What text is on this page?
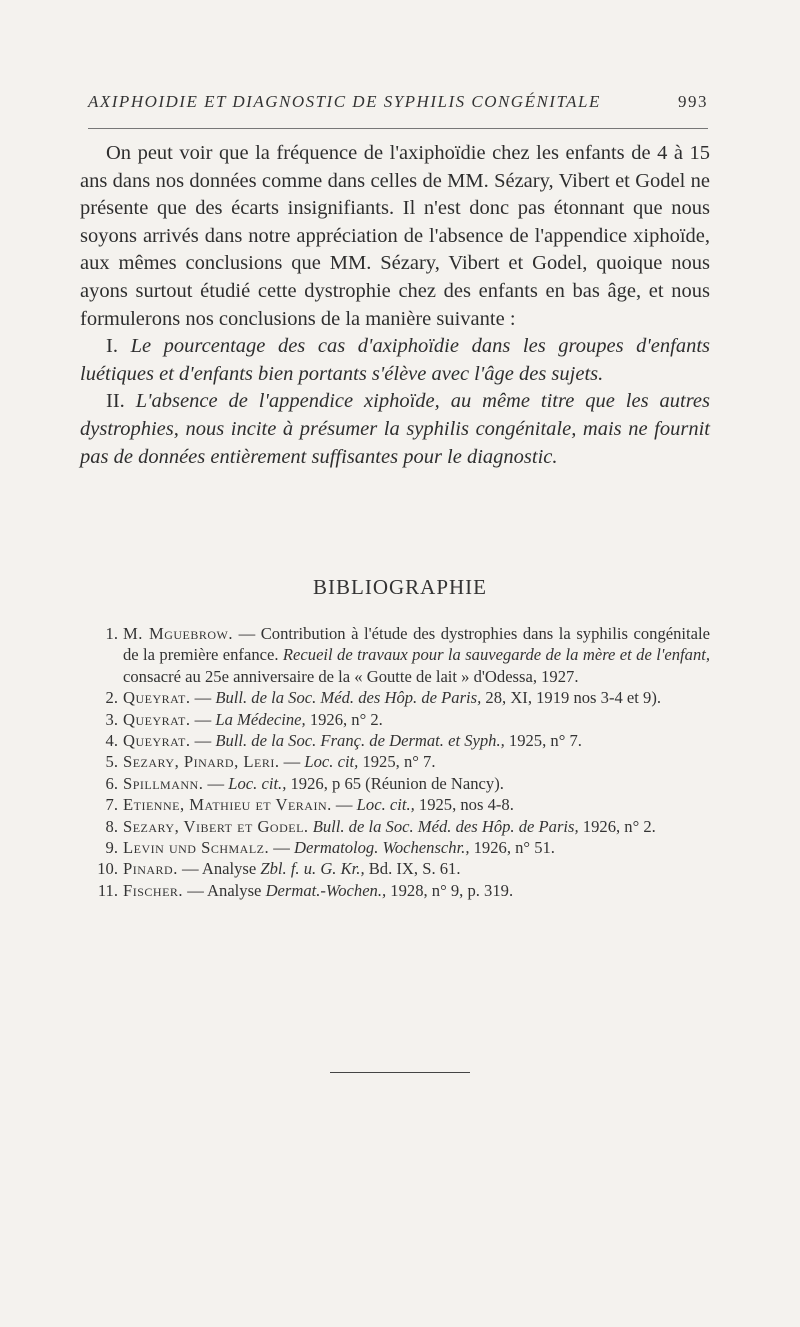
AXIPHOIDIE ET DIAGNOSTIC DE SYPHILIS CONGÉNITALE	993

On peut voir que la fréquence de l'axiphoïdie chez les enfants de 4 à 15 ans dans nos données comme dans celles de MM. Sézary, Vibert et Godel ne présente que des écarts insignifiants. Il n'est donc pas étonnant que nous soyons arrivés dans notre appréciation de l'absence de l'appendice xiphoïde, aux mêmes conclusions que MM. Sézary, Vibert et Godel, quoique nous ayons surtout étudié cette dystrophie chez des enfants en bas âge, et nous formulerons nos conclusions de la manière suivante :

I. Le pourcentage des cas d'axiphoïdie dans les groupes d'enfants luétiques et d'enfants bien portants s'élève avec l'âge des sujets.

II. L'absence de l'appendice xiphoïde, au même titre que les autres dystrophies, nous incite à présumer la syphilis congénitale, mais ne fournit pas de données entièrement suffisantes pour le diagnostic.

BIBLIOGRAPHIE
1. M. Mguebrow. — Contribution à l'étude des dystrophies dans la syphilis congénitale de la première enfance. Recueil de travaux pour la sauvegarde de la mère et de l'enfant, consacré au 25e anniversaire de la « Goutte de lait » d'Odessa, 1927.
2. Queyrat. — Bull. de la Soc. Méd. des Hôp. de Paris, 28, XI, 1919 nos 3-4 et 9).
3. Queyrat. — La Médecine, 1926, n° 2.
4. Queyrat. — Bull. de la Soc. Franç. de Dermat. et Syph., 1925, n° 7.
5. Sezary, Pinard, Leri. — Loc. cit, 1925, n° 7.
6. Spillmann. — Loc. cit., 1926, p 65 (Réunion de Nancy).
7. Etienne, Mathieu et Verain. — Loc. cit., 1925, nos 4-8.
8. Sezary, Vibert et Godel. Bull. de la Soc. Méd. des Hôp. de Paris, 1926, n° 2.
9. Levin und Schmalz. — Dermatolog. Wochenschr., 1926, n° 51.
10. Pinard. — Analyse Zbl. f. u. G. Kr., Bd. IX, S. 61.
11. Fischer. — Analyse Dermat.-Wochen., 1928, n° 9, p. 319.
